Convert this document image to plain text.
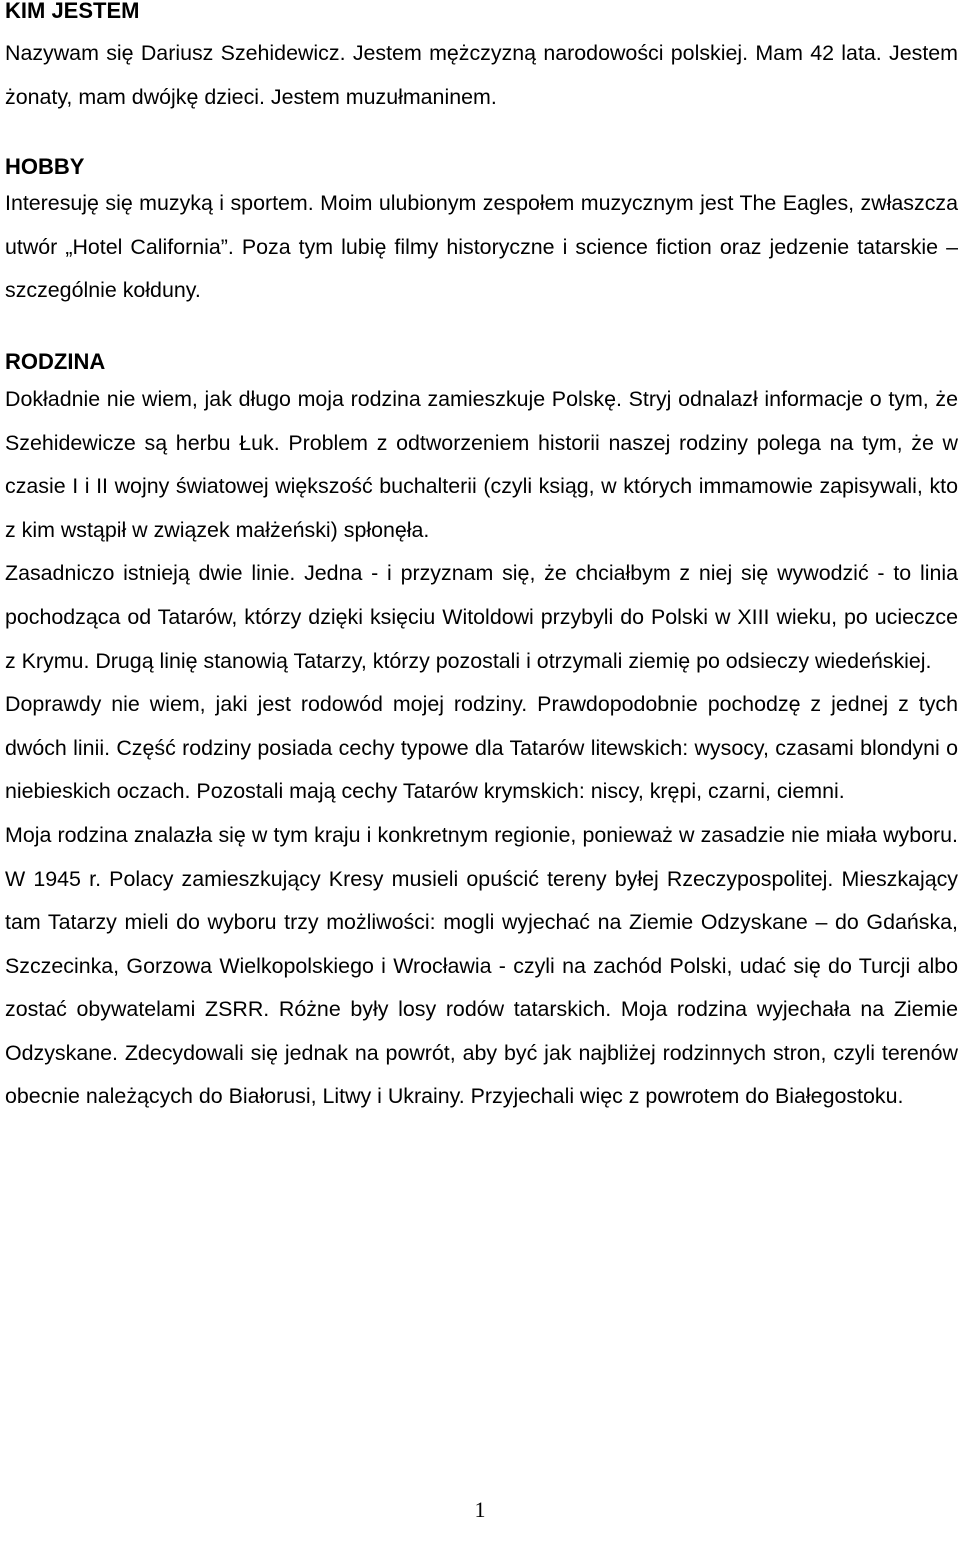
KIM JESTEM

Nazywam się Dariusz Szehidewicz. Jestem mężczyzną narodowości polskiej. Mam 42 lata. Jestem żonaty, mam dwójkę dzieci. Jestem muzułmaninem.

HOBBY

Interesuję się muzyką i sportem. Moim ulubionym zespołem muzycznym jest The Eagles, zwłaszcza utwór „Hotel California”. Poza tym lubię filmy historyczne i science fiction oraz jedzenie tatarskie – szczególnie kołduny.

RODZINA

Dokładnie nie wiem, jak długo moja rodzina zamieszkuje Polskę. Stryj odnalazł informacje o tym, że Szehidewicze są herbu Łuk. Problem z odtworzeniem historii naszej rodziny polega na tym, że w czasie I i II wojny światowej większość buchalterii (czyli ksiąg, w których immamowie zapisywali, kto z kim wstąpił w związek małżeński) spłonęła.

Zasadniczo istnieją dwie linie. Jedna - i przyznam się, że chciałbym z niej się wywodzić - to linia pochodząca od Tatarów, którzy dzięki księciu Witoldowi przybyli do Polski w XIII wieku, po ucieczce z Krymu. Drugą linię stanowią Tatarzy, którzy pozostali i otrzymali ziemię po odsieczy wiedeńskiej.

Doprawdy nie wiem, jaki jest rodowód mojej rodziny. Prawdopodobnie pochodzę z jednej z tych dwóch linii. Część rodziny posiada cechy typowe dla Tatarów litewskich: wysocy, czasami blondyni o niebieskich oczach. Pozostali mają cechy Tatarów krymskich: niscy, krępi, czarni, ciemni.

Moja rodzina znalazła się w tym kraju i konkretnym regionie, ponieważ w zasadzie nie miała wyboru. W 1945 r. Polacy zamieszkujący Kresy musieli opuścić tereny byłej Rzeczypospolitej. Mieszkający tam Tatarzy mieli do wyboru trzy możliwości: mogli wyjechać na Ziemie Odzyskane – do Gdańska, Szczecinka, Gorzowa Wielkopolskiego i Wrocławia - czyli na zachód Polski, udać się do Turcji albo zostać obywatelami ZSRR. Różne były losy rodów tatarskich. Moja rodzina wyjechała na Ziemie Odzyskane. Zdecydowali się jednak na powrót, aby być jak najbliżej rodzinnych stron, czyli terenów obecnie należących do Białorusi, Litwy i Ukrainy. Przyjechali więc z powrotem do Białegostoku.

1
